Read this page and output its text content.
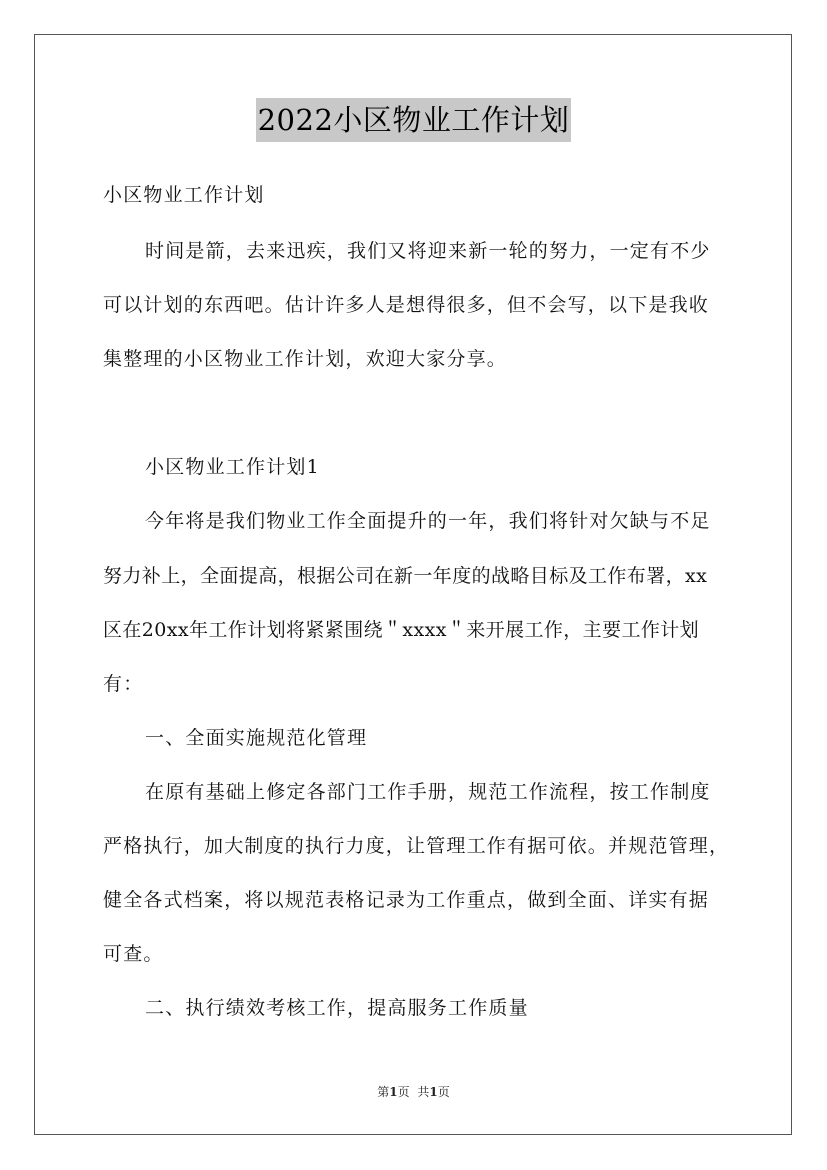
2022小区物业工作计划
小区物业工作计划
时间是箭，去来迅疾，我们又将迎来新一轮的努力，一定有不少
可以计划的东西吧。估计许多人是想得很多，但不会写，以下是我收
集整理的小区物业工作计划，欢迎大家分享。
小区物业工作计划1
今年将是我们物业工作全面提升的一年，我们将针对欠缺与不足
努力补上，全面提高，根据公司在新一年度的战略目标及工作布署，xx
区在20xx年工作计划将紧紧围绕＂xxxx＂来开展工作，主要工作计划
有：
一、全面实施规范化管理
在原有基础上修定各部门工作手册，规范工作流程，按工作制度
严格执行，加大制度的执行力度，让管理工作有据可依。并规范管理，
健全各式档案，将以规范表格记录为工作重点，做到全面、详实有据
可查。
二、执行绩效考核工作，提高服务工作质量
第1页 共1页
